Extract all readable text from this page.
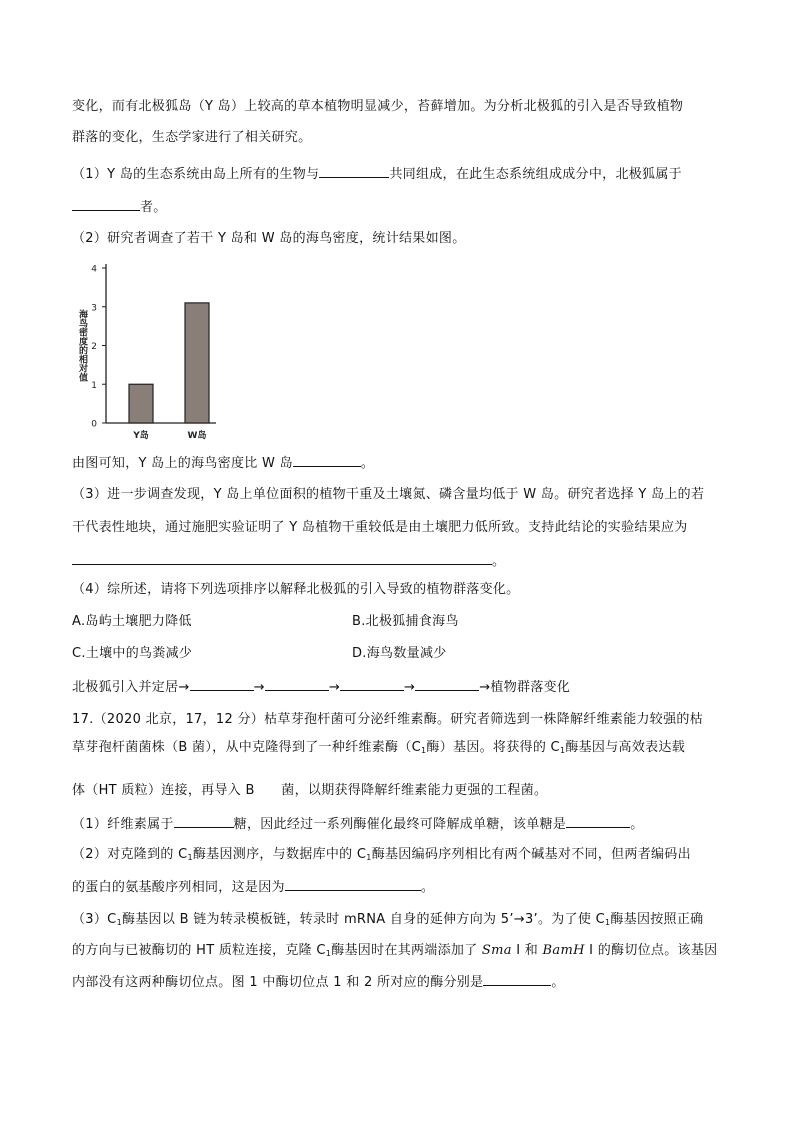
变化，而有北极狐岛（Y 岛）上较高的草本植物明显减少，苔藓增加。为分析北极狐的引入是否导致植物
群落的变化，生态学家进行了相关研究。
（1）Y 岛的生态系统由岛上所有的生物与	共同组成，在此生态系统组成成分中，北极狐属于
者。
（2）研究者调查了若干 Y 岛和 W 岛的海鸟密度，统计结果如图。
0
1
2
3
4
海鸟密度的相对值
Y岛	W岛
由图可知，Y 岛上的海鸟密度比 W 岛	。
（3）进一步调查发现，Y 岛上单位面积的植物干重及土壤氮、磷含量均低于 W 岛。研究者选择 Y 岛上的若
干代表性地块，通过施肥实验证明了 Y 岛植物干重较低是由土壤肥力低所致。支持此结论的实验结果应为
。
（4）综所述，请将下列选项排序以解释北极狐的引入导致的植物群落变化。
A.岛屿土壤肥力降低	B.北极狐捕食海鸟
C.土壤中的鸟粪减少	D.海鸟数量减少
北极狐引入并定居→	→	→	→	→植物群落变化
17.（2020 北京，17，12 分）枯草芽孢杆菌可分泌纤维素酶。研究者筛选到一株降解纤维素能力较强的枯
草芽孢杆菌菌株（B 菌），从中克隆得到了一种纤维素酶（$C_1$酶）基因。将获得的 $C_1$酶基因与高效表达载
体（HT 质粒）连接，再导入 B　　菌，以期获得降解纤维素能力更强的工程菌。
（1）纤维素属于	糖，因此经过一系列酶催化最终可降解成单糖，该单糖是	。
（2）对克隆到的 $C_1$酶基因测序，与数据库中的 $C_1$酶基因编码序列相比有两个碱基对不同，但两者编码出
的蛋白的氨基酸序列相同，这是因为	。
$(3)C_1$酶基因以 B 链为转录模板链，转录时 mRNA 自身的延伸方向为 5’→3’。为了使 $C_1$酶基因按照正确
的方向与已被酶切的 HT 质粒连接，克隆 $C_1$酶基因时在其两端添加了 Sma I 和 BamH I 的酶切位点。该基因
内部没有这两种酶切位点。图 1 中酶切位点 1 和 2 所对应的酶分别是	。
